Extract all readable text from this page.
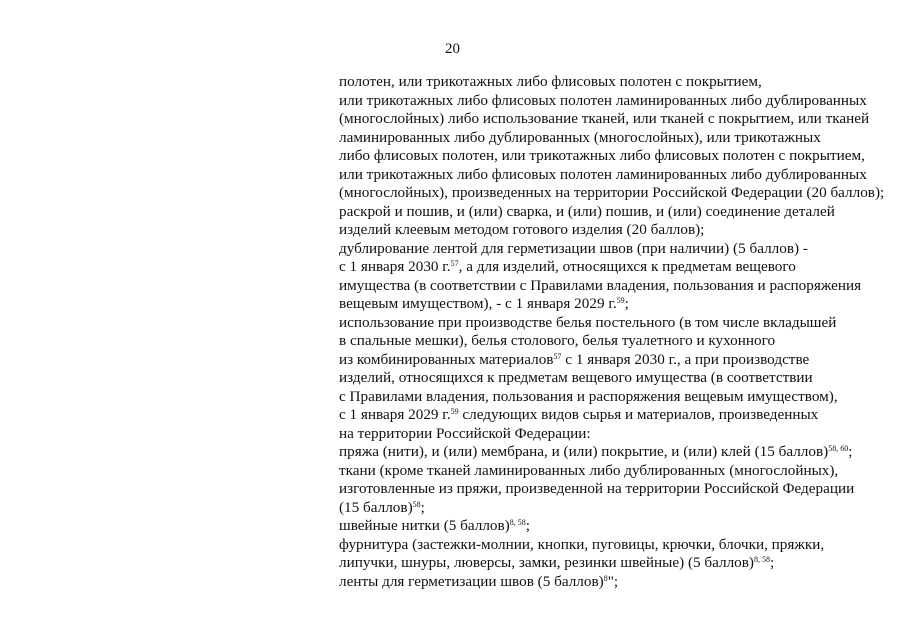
20
полотен, или трикотажных либо флисовых полотен с покрытием,
или трикотажных либо флисовых полотен ламинированных либо дублированных
(многослойных) либо использование тканей, или тканей с покрытием, или тканей
ламинированных либо дублированных (многослойных), или трикотажных
либо флисовых полотен, или трикотажных либо флисовых полотен с покрытием,
или трикотажных либо флисовых полотен ламинированных либо дублированных
(многослойных), произведенных на территории Российской Федерации (20 баллов);
раскрой и пошив, и (или) сварка, и (или) пошив, и (или) соединение деталей
изделий клеевым методом готового изделия (20 баллов);
дублирование лентой для герметизации швов (при наличии) (5 баллов) -
с 1 января 2030 г.$^{57}$, а для изделий, относящихся к предметам вещевого
имущества (в соответствии с Правилами владения, пользования и распоряжения
вещевым имуществом), - с 1 января 2029 г.$^{59}$;
использование при производстве белья постельного (в том числе вкладышей
в спальные мешки), белья столового, белья туалетного и кухонного
из комбинированных материалов$^{57}$ с 1 января 2030 г., а при производстве
изделий, относящихся к предметам вещевого имущества (в соответствии
с Правилами владения, пользования и распоряжения вещевым имуществом),
с 1 января 2029 г.$^{59}$ следующих видов сырья и материалов, произведенных
на территории Российской Федерации:
пряжа (нити), и (или) мембрана, и (или) покрытие, и (или) клей (15 баллов)$^{58, 60}$;
ткани (кроме тканей ламинированных либо дублированных (многослойных),
изготовленные из пряжи, произведенной на территории Российской Федерации
(15 баллов)$^{58}$;
швейные нитки (5 баллов)$^{8, 58}$;
фурнитура (застежки-молнии, кнопки, пуговицы, крючки, блочки, пряжки,
липучки, шнуры, люверсы, замки, резинки швейные) (5 баллов)$^{8, 58}$;
ленты для герметизации швов (5 баллов)$^8$";
